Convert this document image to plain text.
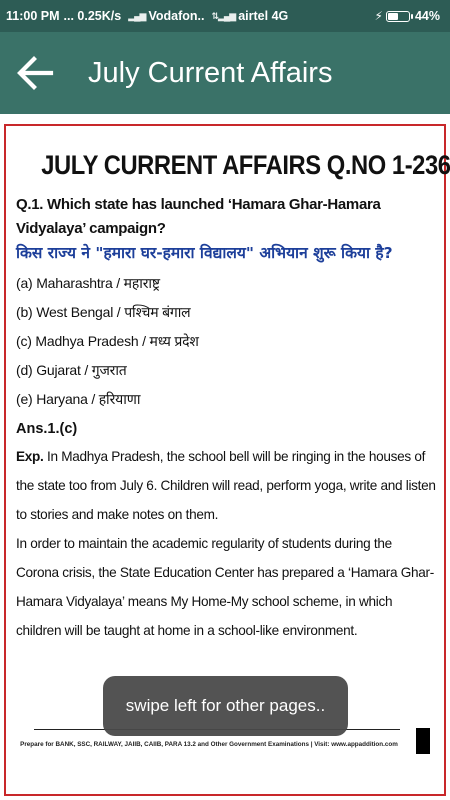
11:00 PM ... 0.25K/s ▂▄▆ Vodafon.. ⇅▂▄▆ airtel 4G	⚡	44%
July Current Affairs
JULY CURRENT AFFAIRS Q.NO 1-236
Q.1. Which state has launched ‘Hamara Ghar-Hamara Vidyalaya’ campaign?
किस राज्य ने "हमारा घर-हमारा विद्यालय" अभियान शुरू किया है?
(a) Maharashtra / महाराष्ट्र
(b) West Bengal / पश्चिम बंगाल
(c) Madhya Pradesh / मध्य प्रदेश
(d) Gujarat / गुजरात
(e) Haryana / हरियाणा
Ans.1.(c)
Exp. In Madhya Pradesh, the school bell will be ringing in the houses of the state too from July 6. Children will read, perform yoga, write and listen to stories and make notes on them.
In order to maintain the academic regularity of students during the Corona crisis, the State Education Center has prepared a ‘Hamara Ghar-Hamara Vidyalaya’ means My Home-My school scheme, in which children will be taught at home in a school-like environment.
Prepare for BANK, SSC, RAILWAY, JAIIB, CAIIB, PARA 13.2 and Other Government Examinations | Visit: www.appaddition.com
swipe left for other pages..
